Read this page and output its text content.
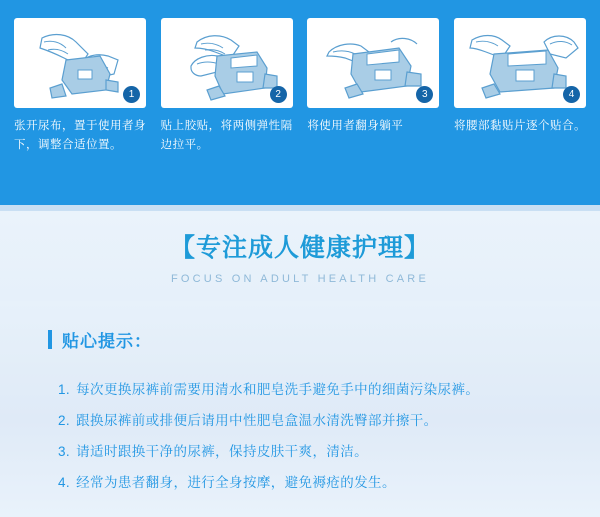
1
张开尿布，置于使用者身下，调整合适位置。
2
贴上胶贴，将两侧弹性隔边拉平。
3
将使用者翻身躺平
4
将腰部黏贴片逐个贴合。
【专注成人健康护理】
FOCUS ON ADULT HEALTH CARE
贴心提示：
1. 每次更换尿裤前需要用清水和肥皂洗手避免手中的细菌污染尿裤。
2. 跟换尿裤前或排便后请用中性肥皂盒温水清洗臀部并擦干。
3. 请适时跟换干净的尿裤，保持皮肤干爽，清洁。
4. 经常为患者翻身，进行全身按摩，避免褥疮的发生。
